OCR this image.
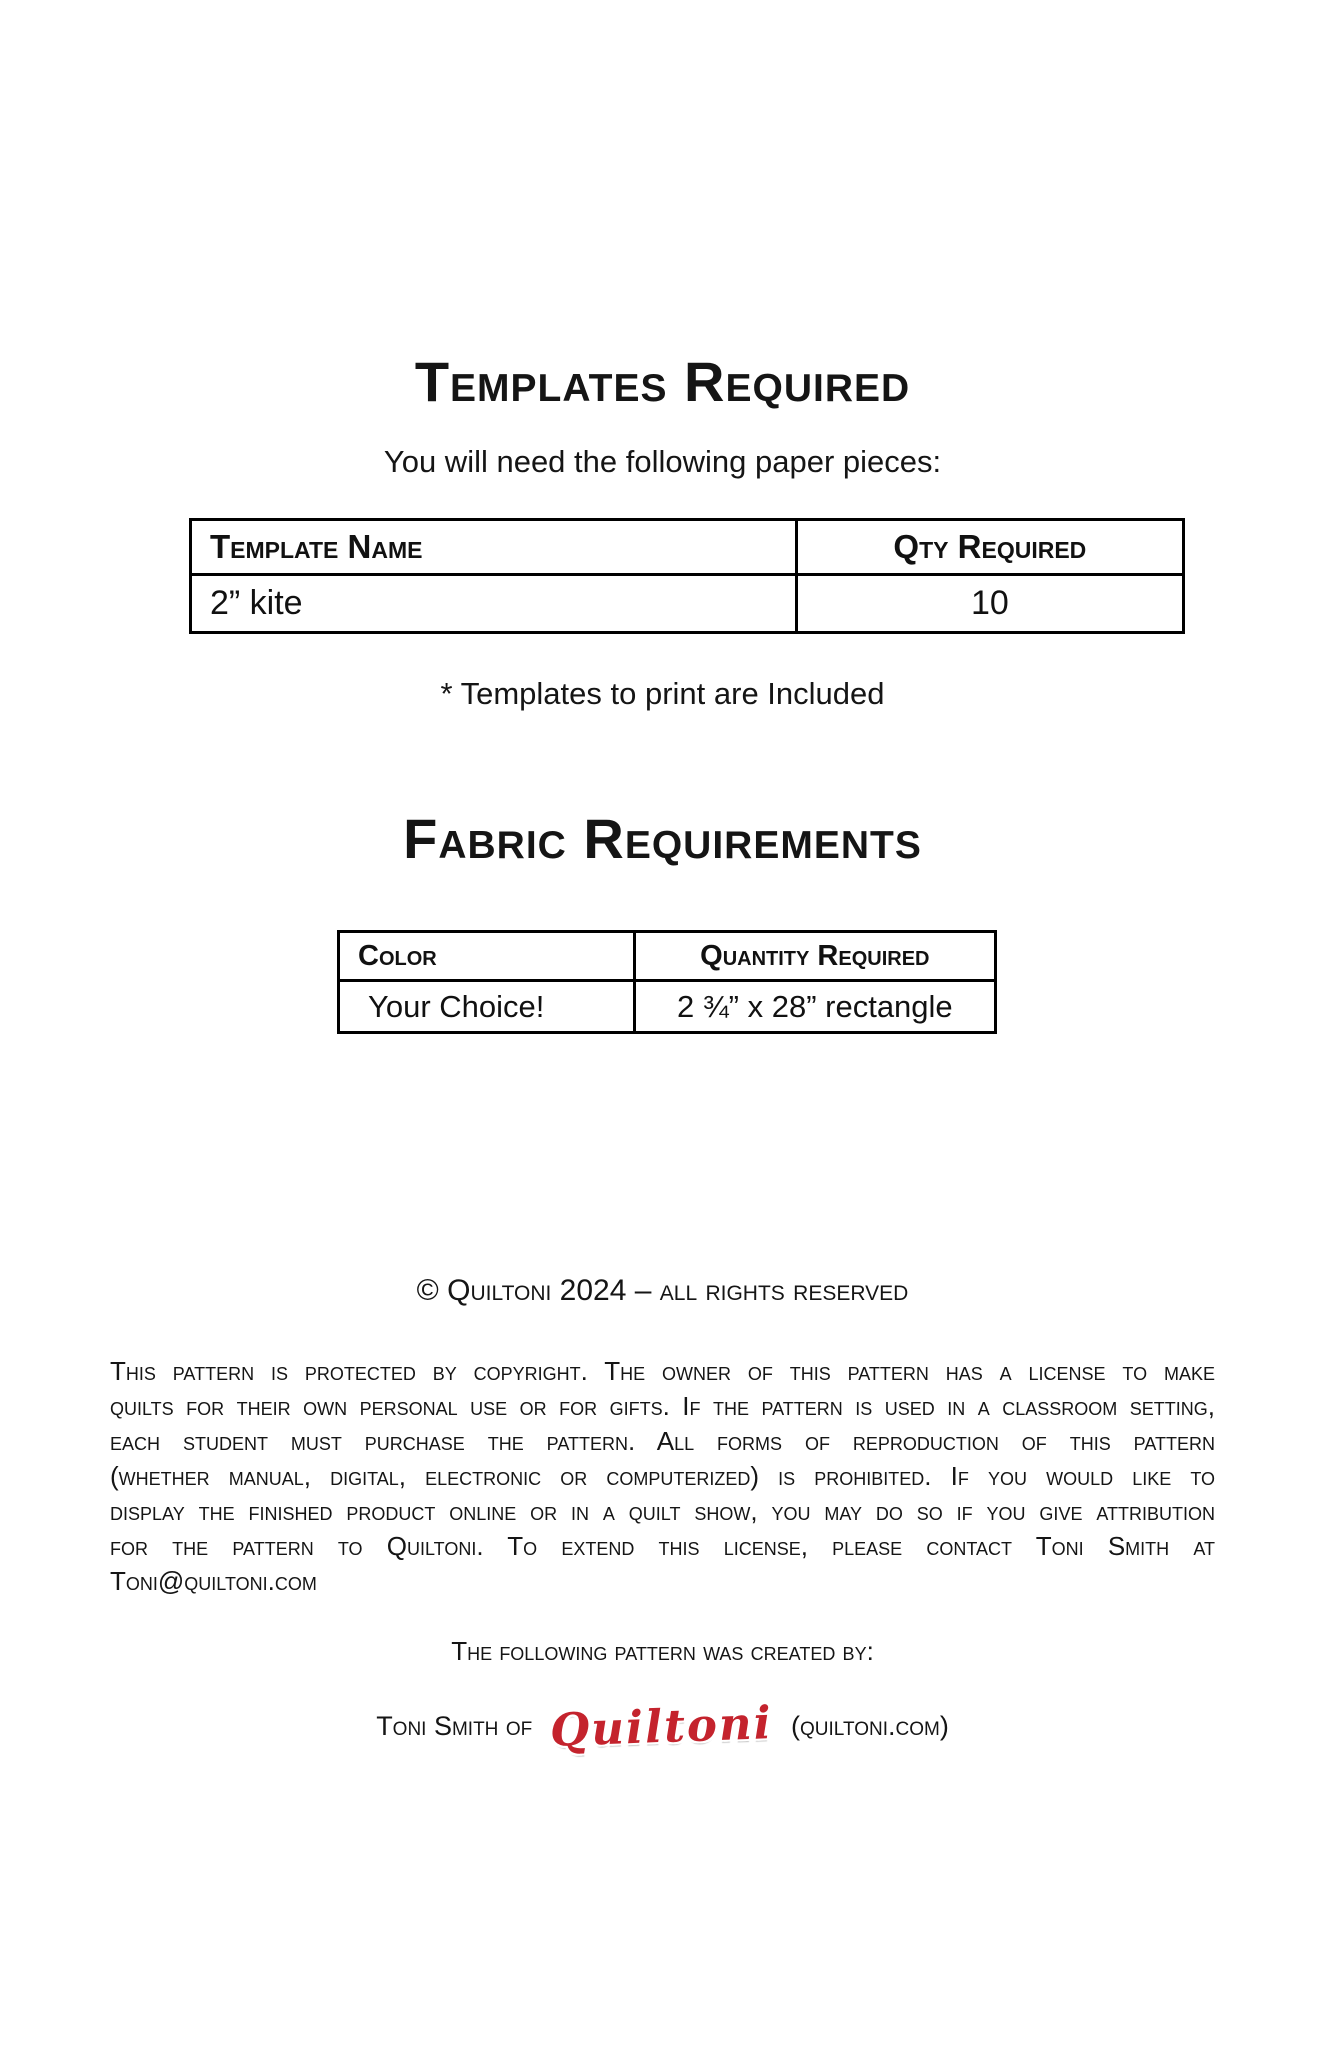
Templates Required

You will need the following paper pieces:

Template Name	Qty Required
2” kite	10

* Templates to print are Included

Fabric Requirements
Color	Quantity Required
Your Choice!	2 ¾” x 28” rectangle

© Quiltoni 2024 – all rights reserved

This pattern is protected by copyright. The owner of this pattern has a license to make
quilts for their own personal use or for gifts. If the pattern is used in a classroom setting,
each student must purchase the pattern. All forms of reproduction of this pattern
(whether manual, digital, electronic or computerized) is prohibited. If you would like to
display the finished product online or in a quilt show, you may do so if you give attribution
for the pattern to Quiltoni. To extend this license, please contact Toni Smith at
Toni@quiltoni.com

The following pattern was created by:

Toni Smith of Quiltoni (quiltoni.com)
